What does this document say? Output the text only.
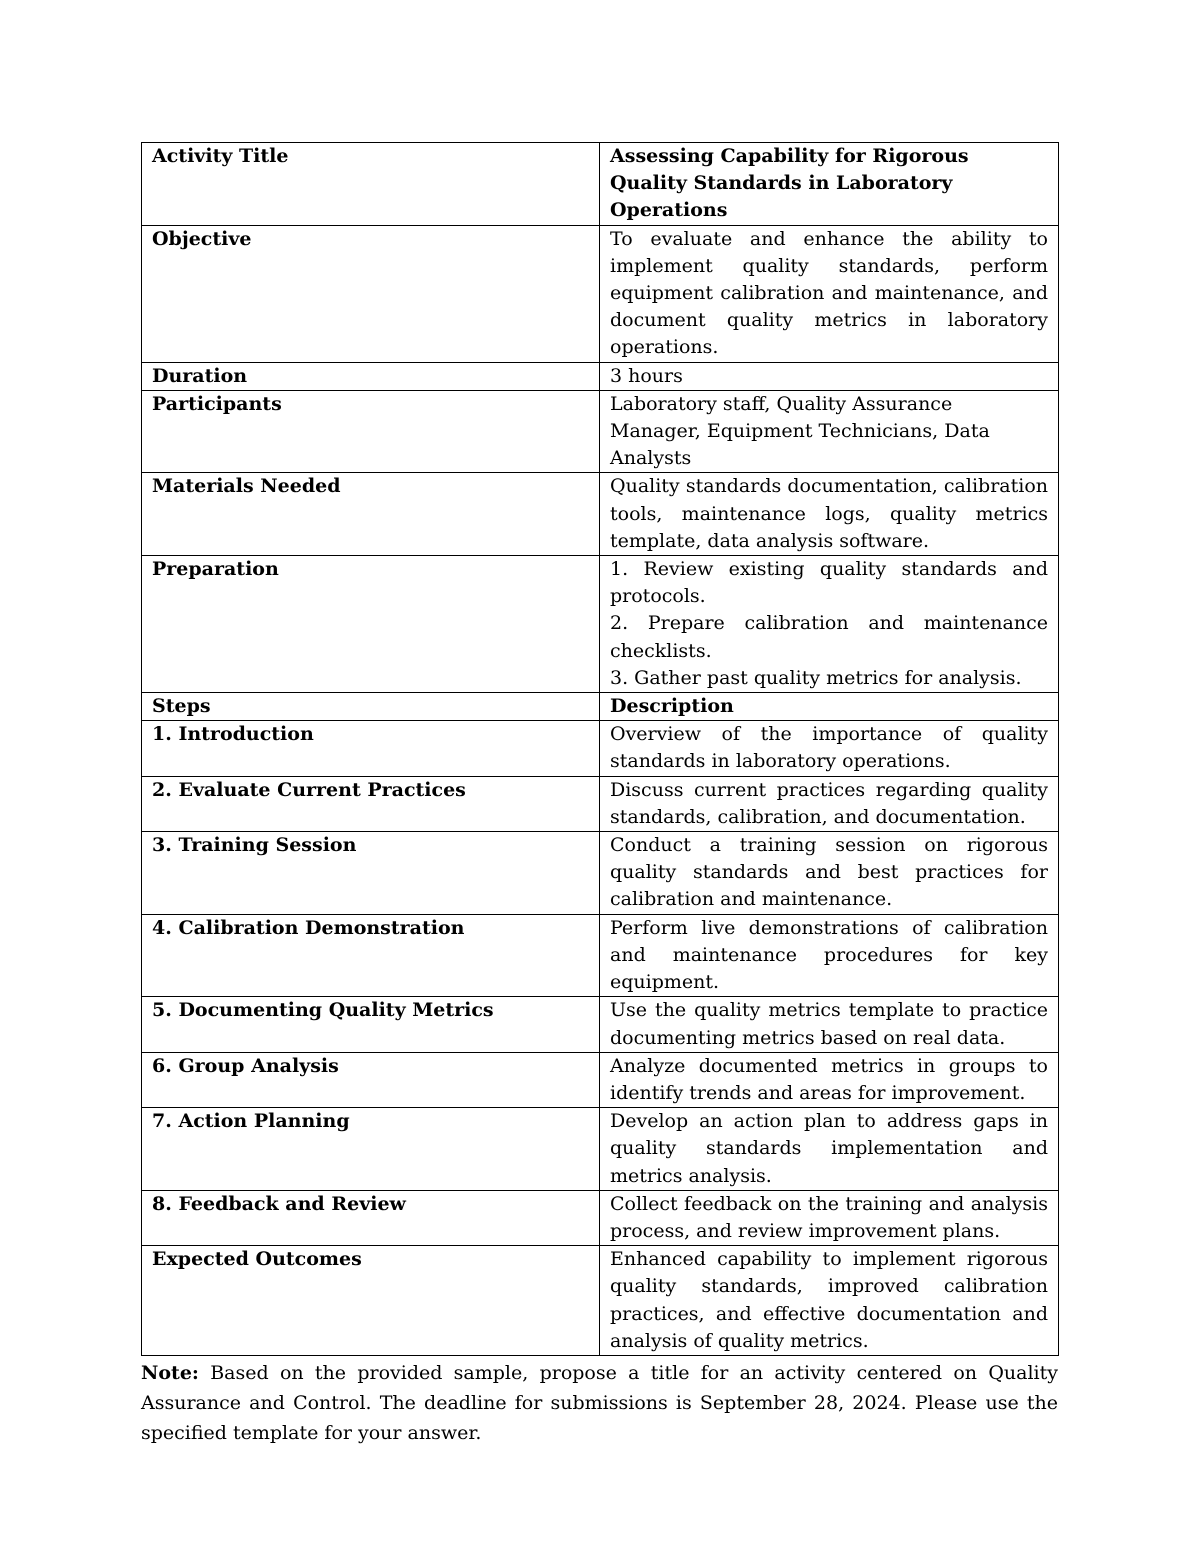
Activity Title	Assessing Capability for Rigorous Quality Standards in Laboratory Operations
Objective	To evaluate and enhance the ability to implement quality standards, perform equipment calibration and maintenance, and document quality metrics in laboratory operations.
Duration	3 hours
Participants	Laboratory staff, Quality Assurance Manager, Equipment Technicians, Data Analysts
Materials Needed	Quality standards documentation, calibration tools, maintenance logs, quality metrics template, data analysis software.
Preparation	1. Review existing quality standards and protocols.
2. Prepare calibration and maintenance checklists.
3. Gather past quality metrics for analysis.

Steps	Description
1. Introduction	Overview of the importance of quality standards in laboratory operations.
2. Evaluate Current Practices	Discuss current practices regarding quality standards, calibration, and documentation.
3. Training Session	Conduct a training session on rigorous quality standards and best practices for calibration and maintenance.
4. Calibration Demonstration	Perform live demonstrations of calibration and maintenance procedures for key equipment.
5. Documenting Quality Metrics	Use the quality metrics template to practice documenting metrics based on real data.
6. Group Analysis	Analyze documented metrics in groups to identify trends and areas for improvement.
7. Action Planning	Develop an action plan to address gaps in quality standards implementation and metrics analysis.
8. Feedback and Review	Collect feedback on the training and analysis process, and review improvement plans.
Expected Outcomes	Enhanced capability to implement rigorous quality standards, improved calibration practices, and effective documentation and analysis of quality metrics.

Note: Based on the provided sample, propose a title for an activity centered on Quality Assurance and Control. The deadline for submissions is September 28, 2024. Please use the specified template for your answer.
